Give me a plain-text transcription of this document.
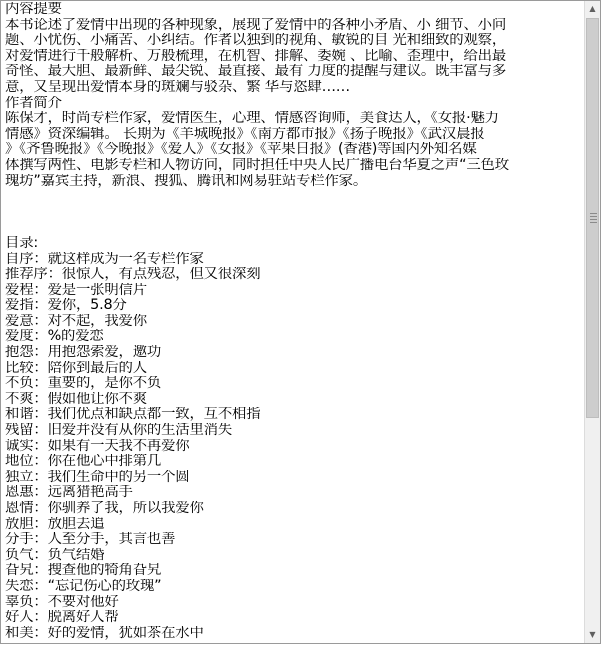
内容提要
本书论述了爱情中出现的各种现象，展现了爱情中的各种小矛盾、小 细节、小问
题、小忧伤、小痛苦、小纠结。作者以独到的视角、敏锐的目 光和细致的观察，
对爱情进行千般解析、万般梳理，在机智、排解、委婉 、比喻、歪理中，给出最
奇怪、最大胆、最新鲜、最尖锐、最直接、最有 力度的提醒与建议。既丰富与多
意，又呈现出爱情本身的斑斓与驳杂、繁 华与恣肆……
作者简介
陈保才，时尚专栏作家，爱情医生，心理、情感咨询师，美食达人，《女报·魅力
情感》资深编辑。 长期为《羊城晚报》《南方都市报》《扬子晚报》《武汉晨报
》《齐鲁晚报》《今晚报》《爱人》《女报》《苹果日报》(香港)等国内外知名媒
体撰写两性、电影专栏和人物访问，同时担任中央人民广播电台华夏之声“三色玫
瑰坊”嘉宾主持，新浪、搜狐、腾讯和网易驻站专栏作家。
目录:
自序：就这样成为一名专栏作家
推荐序：很惊人，有点残忍，但又很深刻
爱程：爱是一张明信片
爱指：爱你，5.8分
爱意：对不起，我爱你
爱度：%的爱恋
抱怨：用抱怨索爱，邀功
比较：陪你到最后的人
不负：重要的，是你不负
不爽：假如他让你不爽
和谐：我们优点和缺点都一致，互不相指
残留：旧爱并没有从你的生活里消失
诚实：如果有一天我不再爱你
地位：你在他心中排第几
独立：我们生命中的另一个圆
恩惠：远离猎艳高手
恩情：你驯养了我，所以我爱你
放胆：放胆去追
分手：人至分手，其言也善
负气：负气结婚
旮旯：搜查他的犄角旮旯
失恋：“忘记伤心的玫瑰”
辜负：不要对他好
好人：脱离好人帮
和美：好的爱情，犹如茶在水中
▲
▼
